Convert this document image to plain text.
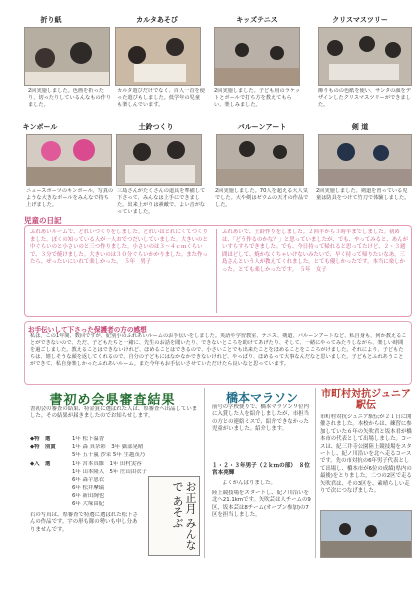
折り紙	カルタあそび	キッズテニス	クリスマスツリー
2回実施しました。色画を折ったり、切ったりしているんなもの作りました。
カルタ遊びだけでなく、百人一首を使った遊びもしました。低学年の児童も楽しんでいます。
2回実施しました。子ども用のラケットとボールで打ち方を教えてもらい、楽しみました。
飾りものの色紙を使い、サンタの顔をデザインしたクリスマスツリーができました。
キンボール	土鈴つくり	バルーンアート	剣 道
ニュースポーツのキンボール。写真のような大きなボールをみんなで持ち上げました。
三島さんがたくさんの道具を準備して下さって、みんなは上手にできました。出来上がりは素敵で、よい音がなっていました。
2回実施しました。70人を超える大人気でした。大や剣はゼウムの天才の作品でした。
2回実施しました。剣道を習っている児童は防具をつけて竹刀で体験しました。
児童の日記
ふれあいルームで、どれいづくりをしました。どれいはとれにくてつくりました。ぼくの知っている人が一人おでつだいしていました。大きいのと中ぐらいのと小さいのと三つ作りました。小さいのは３～４ｃｍくらいで、３分で焼けました。大きいのは３０分ぐらいかかりました。また作ったら、ぜったいにいれて楽しかった。　５年　男子
ふれあいで、土鈴作りをしました。２回半から３時半までしました。初めは、「どう作るのかな？」と思っていましたが、でも、やってみると、あんがいすらすらできました。でも、今日持って帰れると思ってたけど、２・３週間ほどして、焼かなくちゃいけないみたいで、早く持って帰りたいなあ。三島さんという人が教えてくれました。とても優しかったです。本当に楽しかった。とても楽しかったです。　５年　女子
お手伝いして下さった保護者の方の感想
私は、この1年間、数回ですが、紀別小のふれあいルームのお手伝いをしました。英語や学習教室、テニス、剣道、バルーンアートなど、私自身も、何か教えることができないので、ただ、子どもたちと一緒に、先生のお話を聞いたり、できないところを助けてあげたり、そして、一緒にやってみたりしながら、楽しい時間を過ごしました。教えることはできないけれど、ほめることはできるので、小さいことでも出来たことをほめることをこころがけました。それにより、子どもたちは、嬉しそうな顔を返してくれるので、自分の子どもにはなかなかできないけれど、やっぱり、ほめるって大事なんだなと思いました。子どもとふれあうことができて、私自身楽しかったふれあいルーム。また今年もお手伝いさせていただけたら良いなと思っています。
書初め会県審査結果
書初会の審査の結果、特金賞に選ばれた人は、県審査へ出品していました。その結果が届きましたのでお知らせします。
◆特　選	1年 松下温香
◆特　別賞	1年 森 真奈彩　3年 嶽部晃晴
5年 五十嵐 沙采 5年 生越茂乃
◆入　選	1年 宮本真維　1年 田村実容
1年 山本隆人　5年 庄山由衣子
6年 森芋恵衣
6年 松井摩瑞
6年 新田絢也
6年 大塚由紀
右の写真は、県審査で特選に選ばれた松下さんの作品です。宇の形も隊の勢いも申し分ありませんです。	お正月 みんなで あそぶ
橋本マラソン
前号の学校便りで、橋本マラソン９位内に入賞した人を紹介しましたが、市担当の方との連絡ミスで、紹介できなかった児童がいました。紹介します。
１・２・３年男子（２ｋｍの部）　８位　宮本亮輝
よくがんばりました。
陸上競技場をスタートし、紀ノ川沿いを北へ21.1kmです。矢吹芸は人チームの9区、坂本芸は8チーム(オープン参加)の7区を担当しました。
市町村対抗ジュニア駅伝
市町村対抗ジュニア駅伝が２１日に開催されました。本校からは、練習に参加していた６年の矢吹君と坂本君が橋本市の代表として出場しました。コースは、紀三井寺公園陸上競技場をスタートし、紀ノ川沿いを北へ走るコースです。先の市対抗の6年男子代表として出場し、橋本市が6位の成績(県内の最後)をとりました。二つの2区で走る矢吹君は、その3区を、素晴らしい走りで次につなげました。
